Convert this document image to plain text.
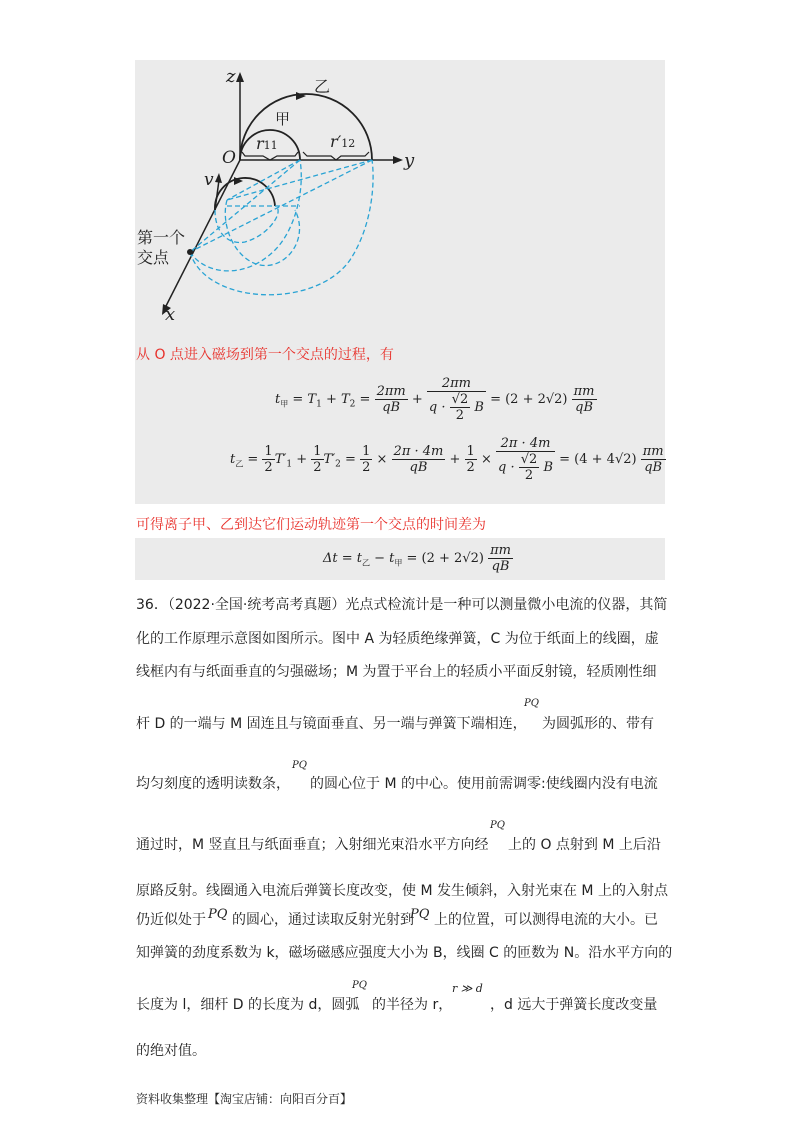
z
y
x
v
O
甲
乙
r11	r′12
第一个
交点
从 O 点进入磁场到第一个交点的过程，有
$t_甲 = T_1 + T_2 = \frac{2\pi m}{qB} + \frac{2\pi m}{q \cdot \frac{√2}{2} B} = (2 + 2√2) \frac{\pi m}{qB}$
$t_乙 = \frac{1}{2} T'_1 + \frac{1}{2} T'_2 = \frac{1}{2} \times \frac{2\pi \cdot 4m}{qB} + \frac{1}{2} \times \frac{2\pi \cdot 4m}{q \cdot \frac{√2}{2} B} = (4 + 4√2) \frac{\pi m}{qB}$
可得离子甲、乙到达它们运动轨迹第一个交点的时间差为
$\Delta t = t_乙 - t_甲 = (2 + 2√2) \frac{\pi m}{qB}$
36．（2022·全国·统考高考真题）光点式检流计是一种可以测量微小电流的仪器，其简
化的工作原理示意图如图所示。图中 A 为轻质绝缘弹簧，C 为位于纸面上的线圈，虚
线框内有与纸面垂直的匀强磁场；M 为置于平台上的轻质小平面反射镜，轻质刚性细
杆 D 的一端与 M 固连且与镜面垂直、另一端与弹簧下端相连，
PQ
为圆弧形的、带有
均匀刻度的透明读数条，
PQ
的圆心位于 M 的中心。使用前需调零:使线圈内没有电流
通过时，M 竖直且与纸面垂直；入射细光束沿水平方向经
PQ
上的 O 点射到 M 上后沿
原路反射。线圈通入电流后弹簧长度改变，使 M 发生倾斜，入射光束在 M 上的入射点
仍近似处于 PQ 的圆心，通过读取反射光射到
PQ 上的位置，可以测得电流的大小。已
知弹簧的劲度系数为 k，磁场磁感应强度大小为 B，线圈 C 的匝数为 N。沿水平方向的
长度为 l，细杆 D 的长度为 d，圆弧
PQ
的半径为 r，
r ≫ d
，d 远大于弹簧长度改变量
的绝对值。
资料收集整理【淘宝店铺：向阳百分百】
